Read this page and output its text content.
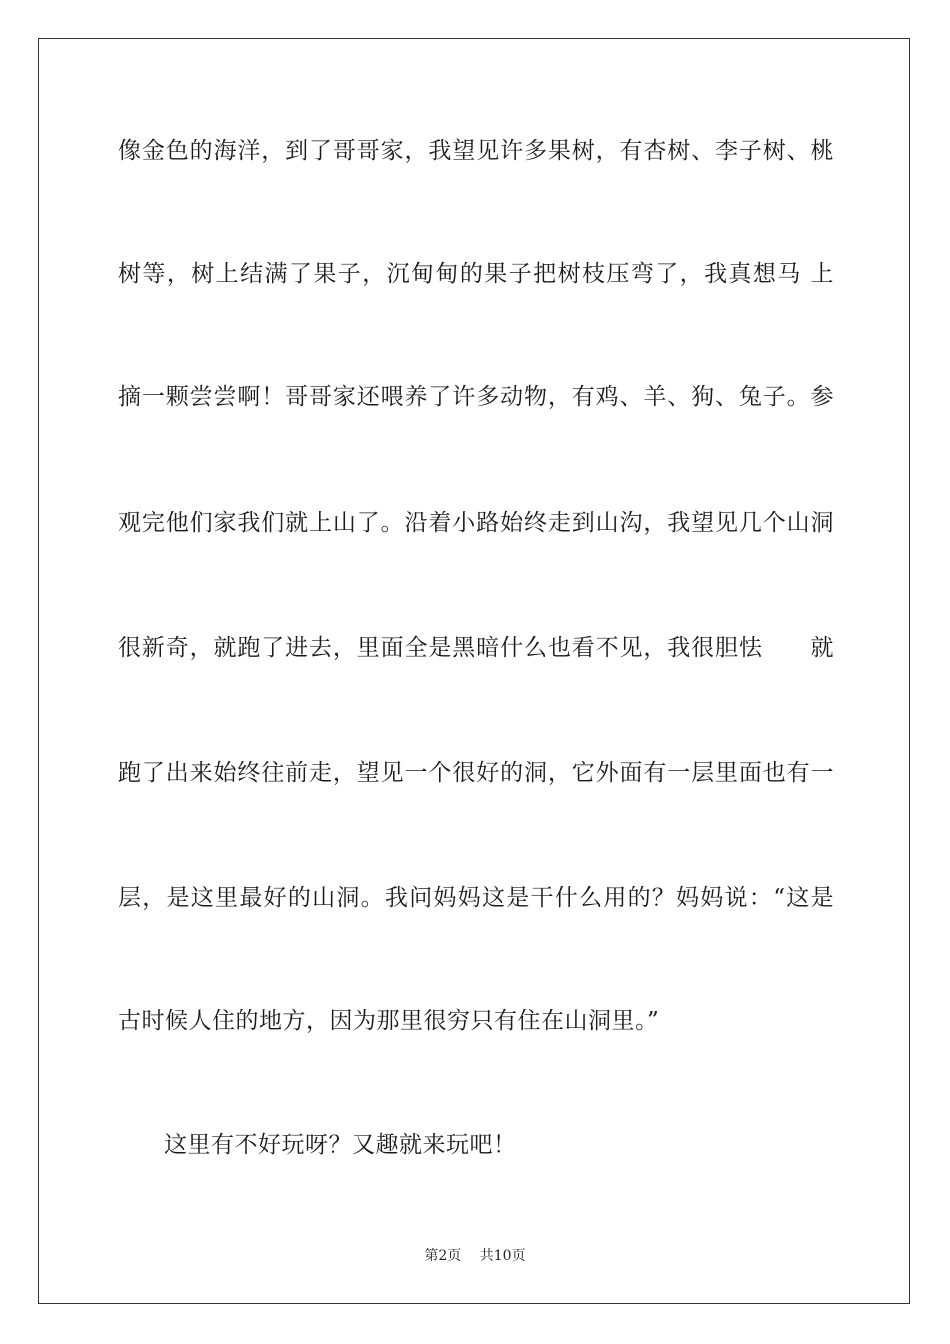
像金色的海洋，到了哥哥家，我望见许多果树，有杏树、李子树、桃
树等，树上结满了果子，沉甸甸的果子把树枝压弯了，我真想马 上
摘一颗尝尝啊！哥哥家还喂养了许多动物，有鸡、羊、狗、兔子。参
观完他们家我们就上山了。沿着小路始终走到山沟，我望见几个山洞
很新奇，就跑了进去，里面全是黑暗什么也看不见，我很胆怯　　就
跑了出来始终往前走，望见一个很好的洞，它外面有一层里面也有一
层，是这里最好的山洞。我问妈妈这是干什么用的？妈妈说：“这是
古时候人住的地方，因为那里很穷只有住在山洞里。”
这里有不好玩呀？又趣就来玩吧！
第2页 共10页
